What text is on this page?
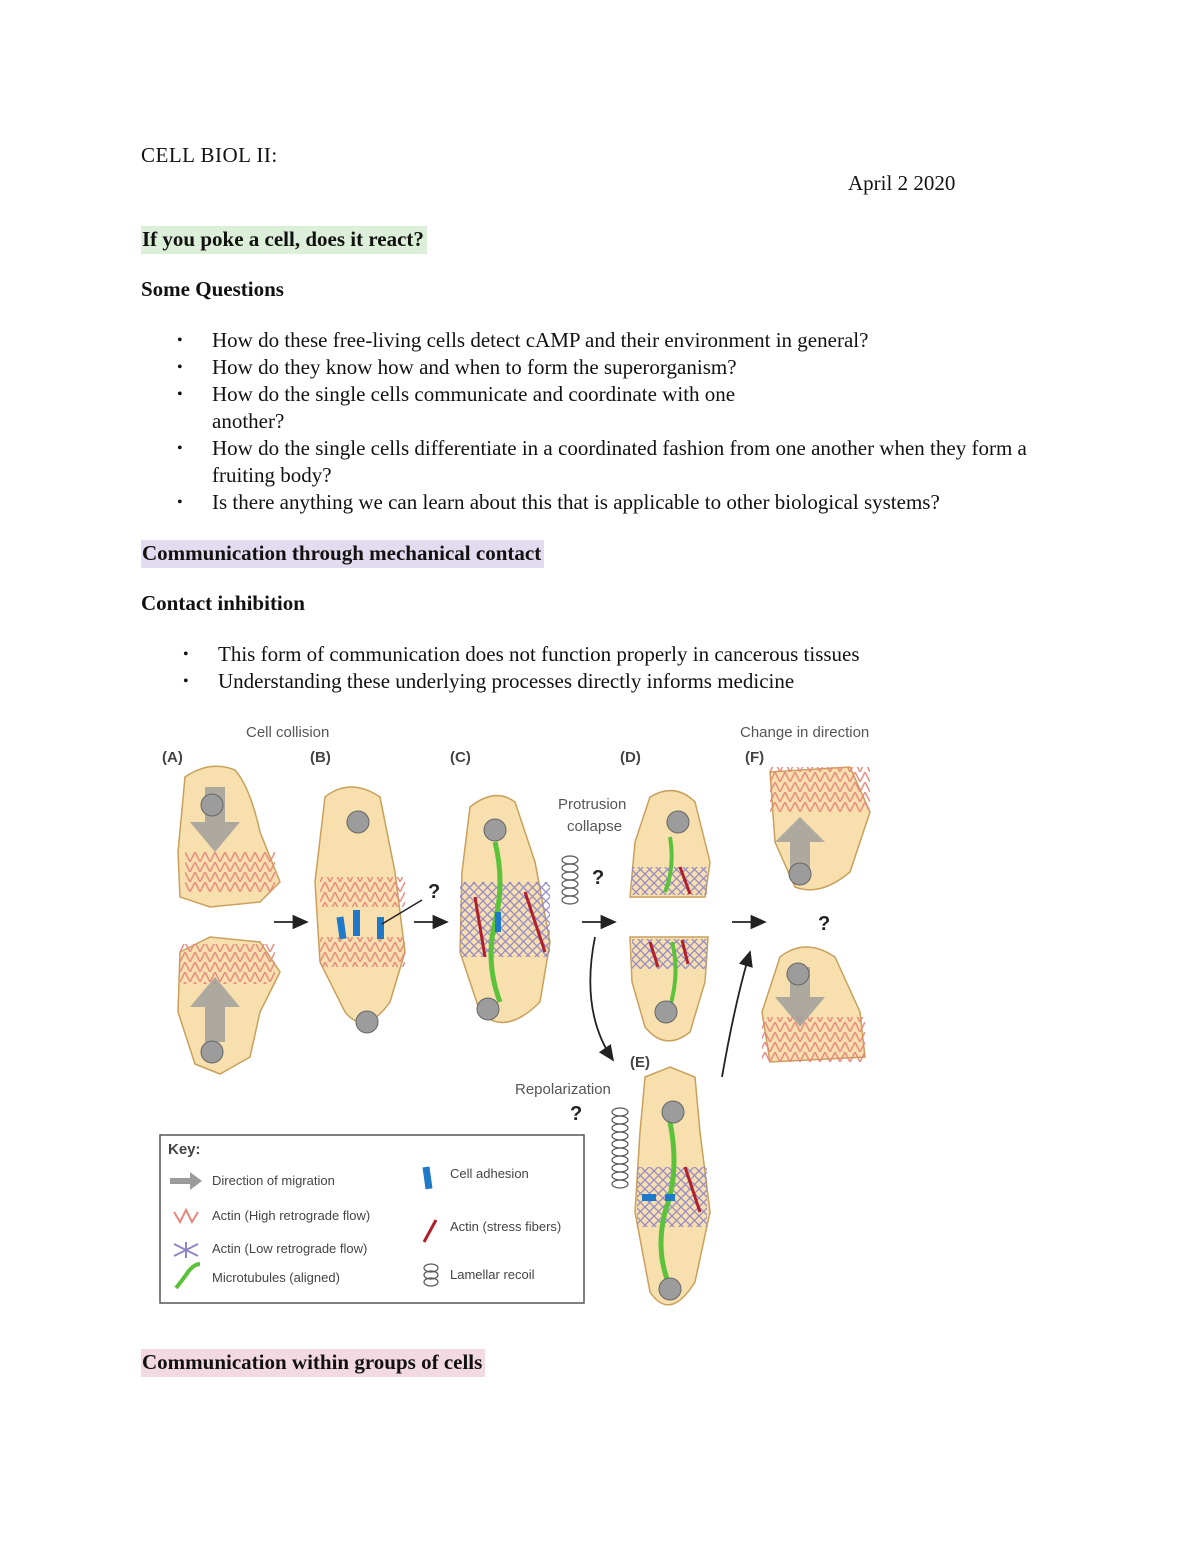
CELL BIOL II:
April 2 2020
If you poke a cell, does it react?
Some Questions
• How do these free-living cells detect cAMP and their environment in general?
• How do they know how and when to form the superorganism?
• How do the single cells communicate and coordinate with one another?
• How do the single cells differentiate in a coordinated fashion from one another when they form a fruiting body?
• Is there anything we can learn about this that is applicable to other biological systems?
Communication through mechanical contact
Contact inhibition
• This form of communication does not function properly in cancerous tissues
• Understanding these underlying processes directly informs medicine
Cell collision	Change in direction
(A)	(B)	(C)	(D)	(F)
(E)
Protrusion
collapse
Repolarization
?
?
?
?
Key:
Direction of migration
Actin (High retrograde flow)
Actin (Low retrograde flow)
Microtubules (aligned)
Cell adhesion
Actin (stress fibers)
Lamellar recoil
Communication within groups of cells
